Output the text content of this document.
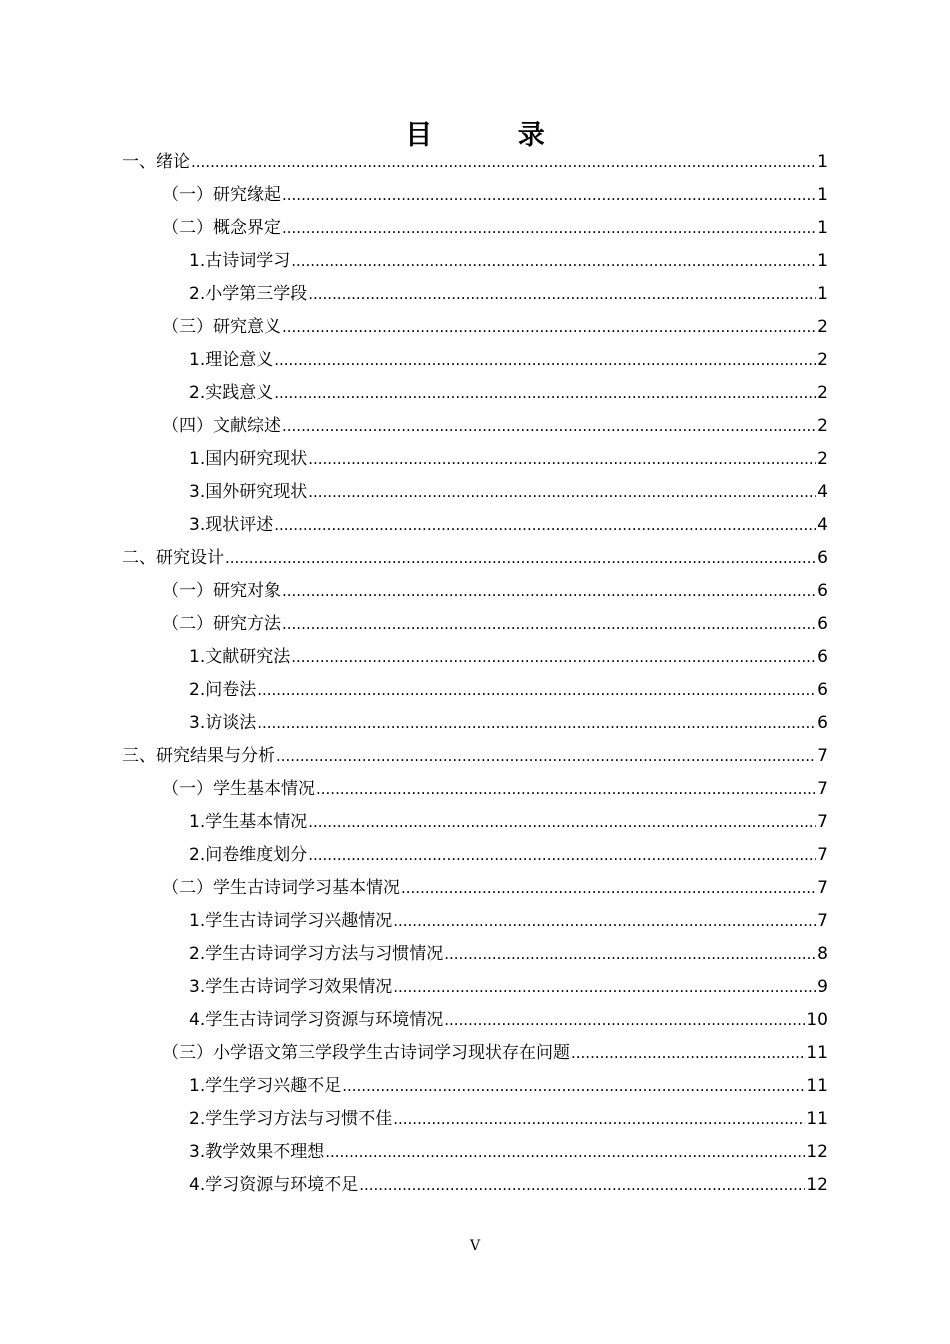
目 录
一、绪论 .....	1
（一）研究缘起 .....	1
（二）概念界定 .....	1
1.古诗词学习 .....	1
2.小学第三学段 .....	1
（三）研究意义 .....	2
1.理论意义 .....	2
2.实践意义 .....	2
（四）文献综述 .....	2
1.国内研究现状 .....	2
3.国外研究现状 .....	4
3.现状评述 .....	4
二、研究设计 .....	6
（一）研究对象 .....	6
（二）研究方法 .....	6
1.文献研究法 .....	6
2.问卷法 .....	6
3.访谈法 .....	6
三、研究结果与分析 .....	7
（一）学生基本情况 .....	7
1.学生基本情况 .....	7
2.问卷维度划分 .....	7
（二）学生古诗词学习基本情况 .....	7
1.学生古诗词学习兴趣情况 .....	7
2.学生古诗词学习方法与习惯情况 .....	8
3.学生古诗词学习效果情况 .....	9
4.学生古诗词学习资源与环境情况 .....	10
（三）小学语文第三学段学生古诗词学习现状存在问题 .....	11
1.学生学习兴趣不足 .....	11
2.学生学习方法与习惯不佳 .....	11
3.教学效果不理想 .....	12
4.学习资源与环境不足 .....	12
V
